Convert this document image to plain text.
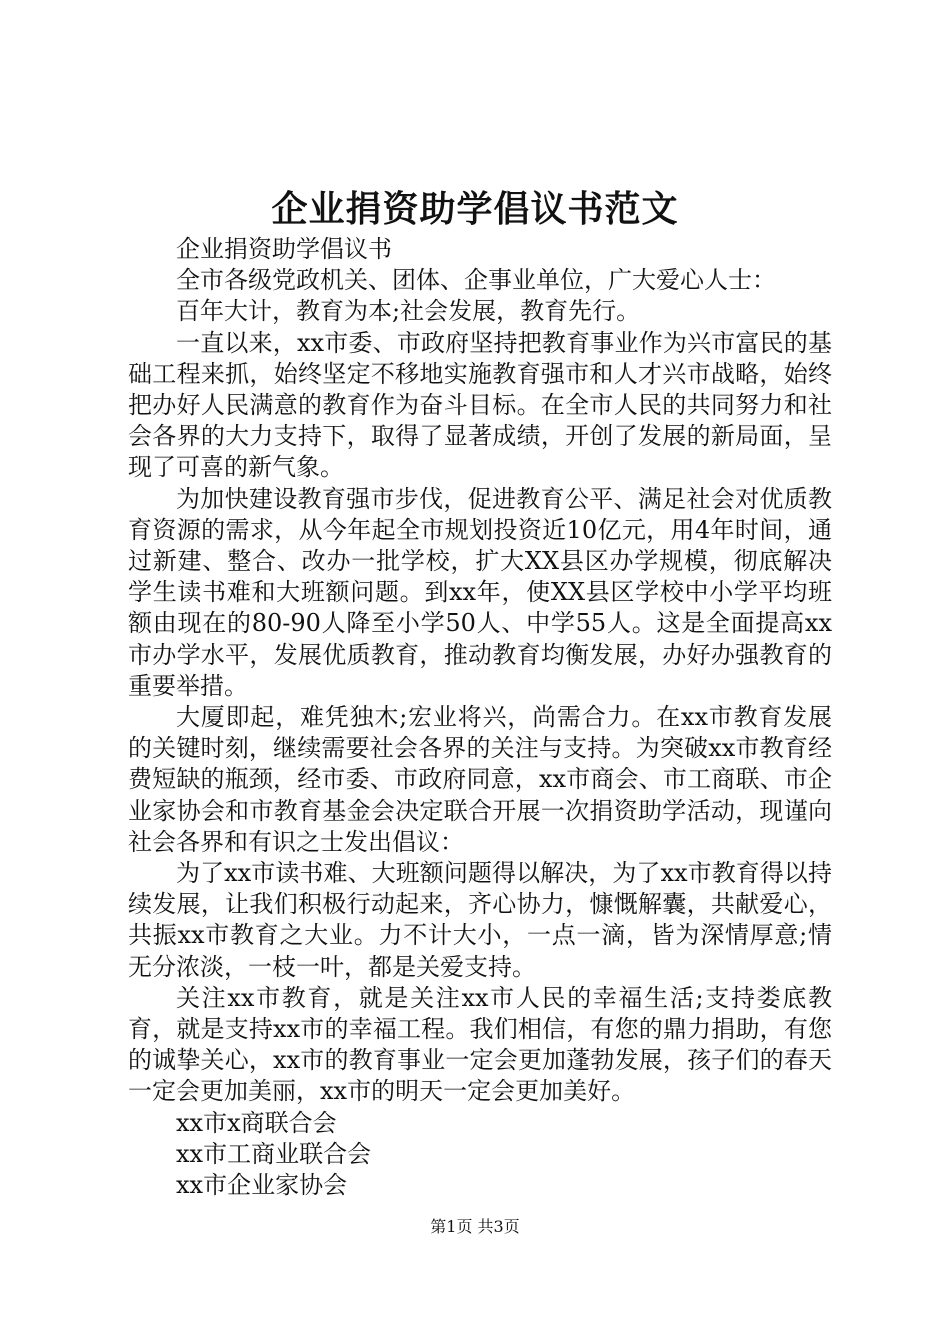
企业捐资助学倡议书范文

企业捐资助学倡议书

全市各级党政机关、团体、企事业单位，广大爱心人士：

百年大计，教育为本;社会发展，教育先行。

一直以来，xx市委、市政府坚持把教育事业作为兴市富民的基础工程来抓，始终坚定不移地实施教育强市和人才兴市战略，始终把办好人民满意的教育作为奋斗目标。在全市人民的共同努力和社会各界的大力支持下，取得了显著成绩，开创了发展的新局面，呈现了可喜的新气象。

为加快建设教育强市步伐，促进教育公平、满足社会对优质教育资源的需求，从今年起全市规划投资近10亿元，用4年时间，通过新建、整合、改办一批学校，扩大XX县区办学规模，彻底解决学生读书难和大班额问题。到xx年，使XX县区学校中小学平均班额由现在的80-90人降至小学50人、中学55人。这是全面提高xx市办学水平，发展优质教育，推动教育均衡发展，办好办强教育的重要举措。

大厦即起，难凭独木;宏业将兴，尚需合力。在xx市教育发展的关键时刻，继续需要社会各界的关注与支持。为突破xx市教育经费短缺的瓶颈，经市委、市政府同意，xx市商会、市工商联、市企业家协会和市教育基金会决定联合开展一次捐资助学活动，现谨向社会各界和有识之士发出倡议：

为了xx市读书难、大班额问题得以解决，为了xx市教育得以持续发展，让我们积极行动起来，齐心协力，慷慨解囊，共献爱心，共振xx市教育之大业。力不计大小，一点一滴，皆为深情厚意;情无分浓淡，一枝一叶，都是关爱支持。

关注xx市教育，就是关注xx市人民的幸福生活;支持娄底教育，就是支持xx市的幸福工程。我们相信，有您的鼎力捐助，有您的诚挚关心，xx市的教育事业一定会更加蓬勃发展，孩子们的春天一定会更加美丽，xx市的明天一定会更加美好。

xx市x商联合会

xx市工商业联合会

xx市企业家协会

第1页 共3页
